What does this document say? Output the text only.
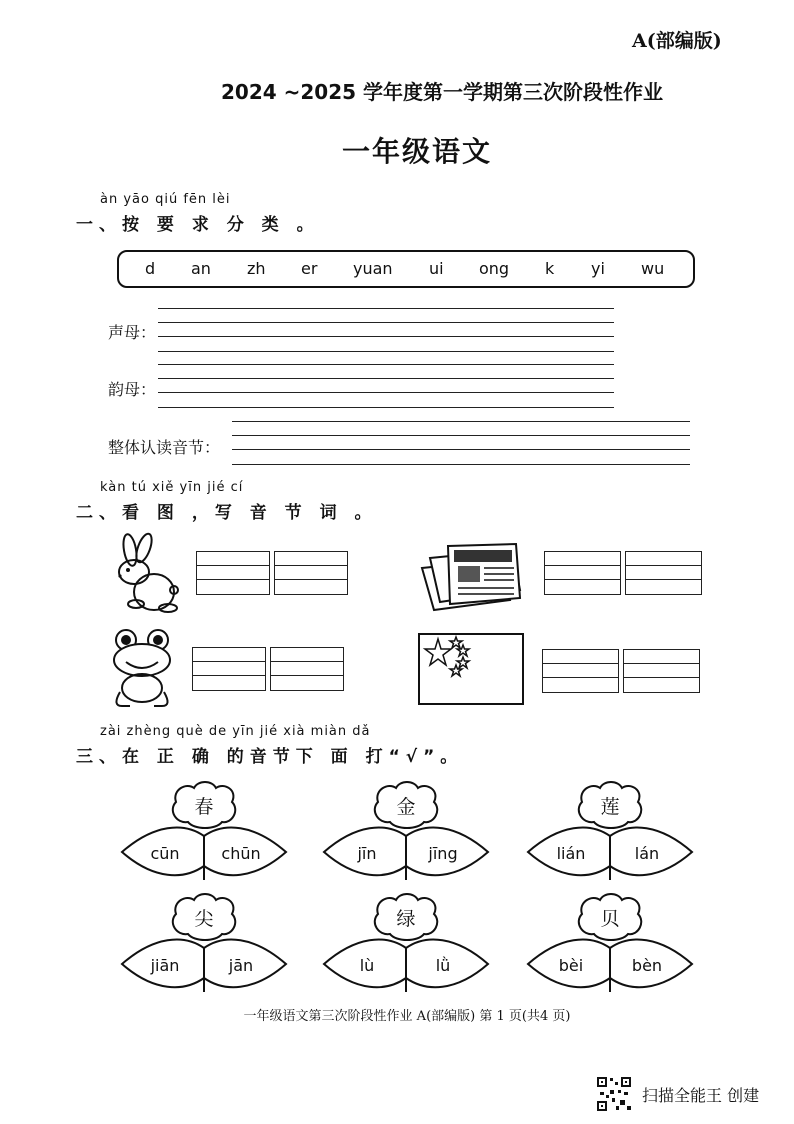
A(部编版)
2024 ~2025 学年度第一学期第三次阶段性作业
一年级语文
àn yāo qiú fēn lèi
一、按 要 求 分 类 。
d an zh er yuan ui ong k yi wu
声母：
韵母：
整体认读音节：
kàn tú xiě yīn jié cí
二、看 图 ，写 音 节 词 。
zài zhèng què de yīn jié xià miàn dǎ
三、在 正 确 的音节下 面 打“√”。
春
cūn	chūn
金
jīn	jīng
莲
lián	lán
尖
jiān	jān
绿
lù	lǜ
贝
bèi	bèn
一年级语文第三次阶段性作业 A(部编版) 第 1 页(共4 页)
扫描全能王 创建
